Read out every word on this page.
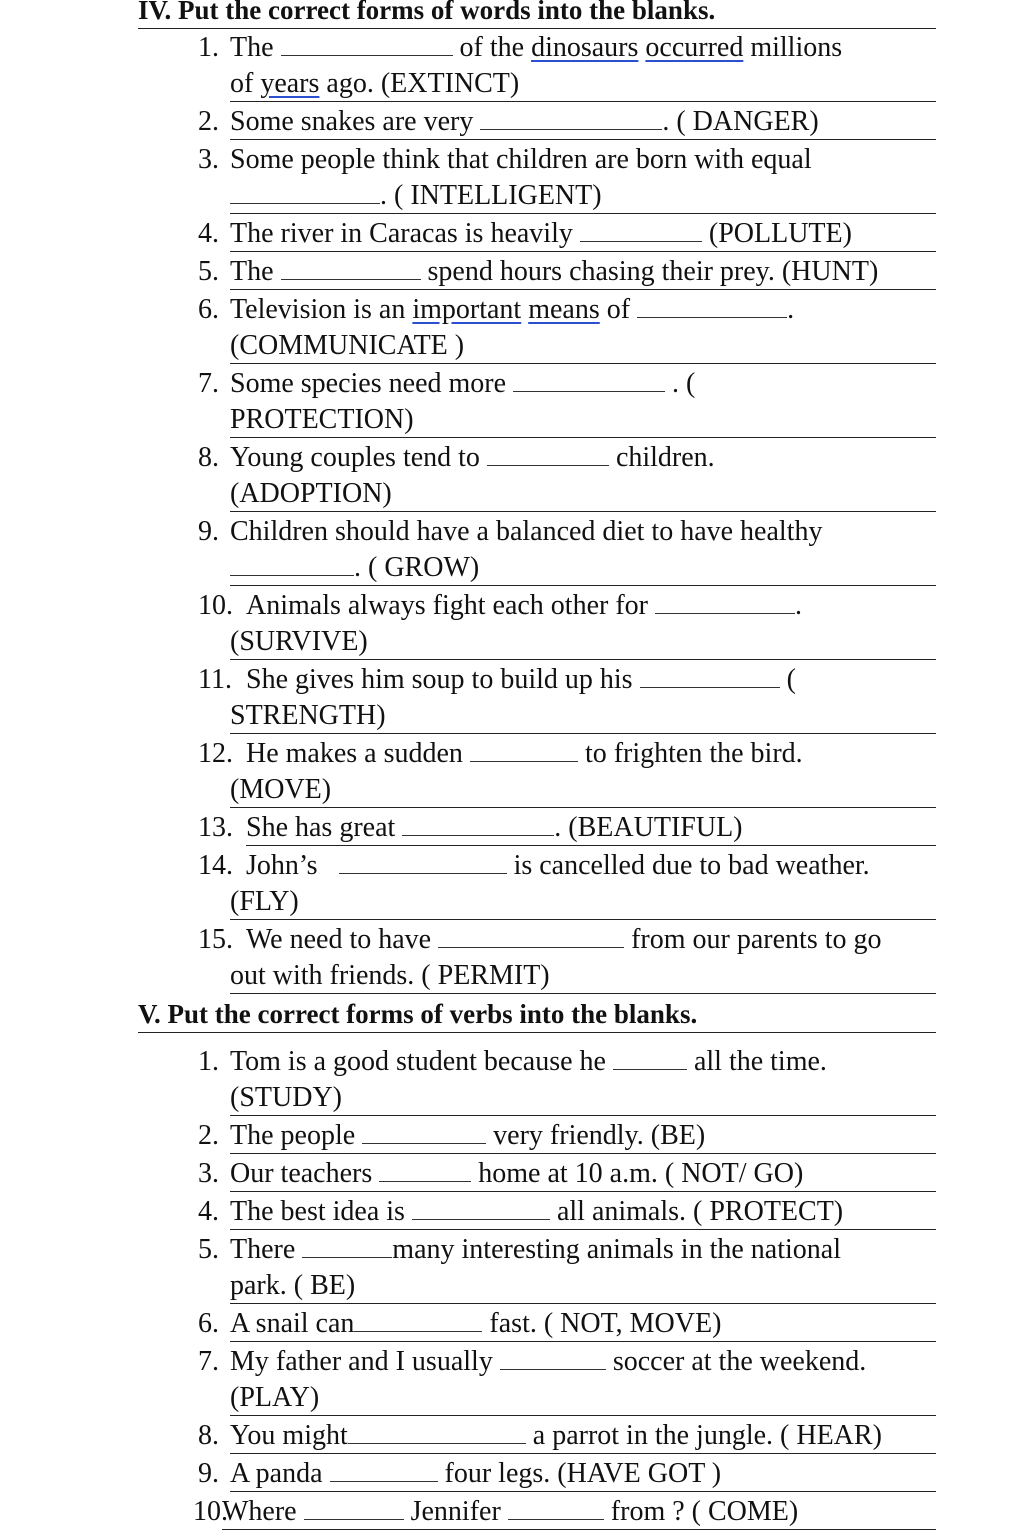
IV. Put the correct forms of words into the blanks.
1. The	of the dinosaurs occurred millions
of years ago. (EXTINCT)
2. Some snakes are very	. ( DANGER)
3. Some people think that children are born with equal
. ( INTELLIGENT)
4. The river in Caracas is heavily	(POLLUTE)
5. The	spend hours chasing their prey. (HUNT)
6. Television is an important means of	.
(COMMUNICATE )
7. Some species need more	. (
PROTECTION)
8. Young couples tend to	children.
(ADOPTION)
9. Children should have a balanced diet to have healthy
. ( GROW)
10. Animals always fight each other for	.
(SURVIVE)
11. She gives him soup to build up his	(
STRENGTH)
12. He makes a sudden	to frighten the bird.
(MOVE)
13. She has great	. (BEAUTIFUL)
14. John’s	is cancelled due to bad weather.
(FLY)
15. We need to have	from our parents to go
out with friends. ( PERMIT)
V. Put the correct forms of verbs into the blanks.
1. Tom is a good student because he	all the time.
(STUDY)
2. The people	very friendly. (BE)
3. Our teachers	home at 10 a.m. ( NOT/ GO)
4. The best idea is	all animals. ( PROTECT)
5. There	many interesting animals in the national
park. ( BE)
6. A snail can	fast. ( NOT, MOVE)
7. My father and I usually	soccer at the weekend.
(PLAY)
8. You might	a parrot in the jungle. ( HEAR)
9. A panda	four legs. (HAVE GOT )
10.
Where	Jennifer	from ? ( COME)
